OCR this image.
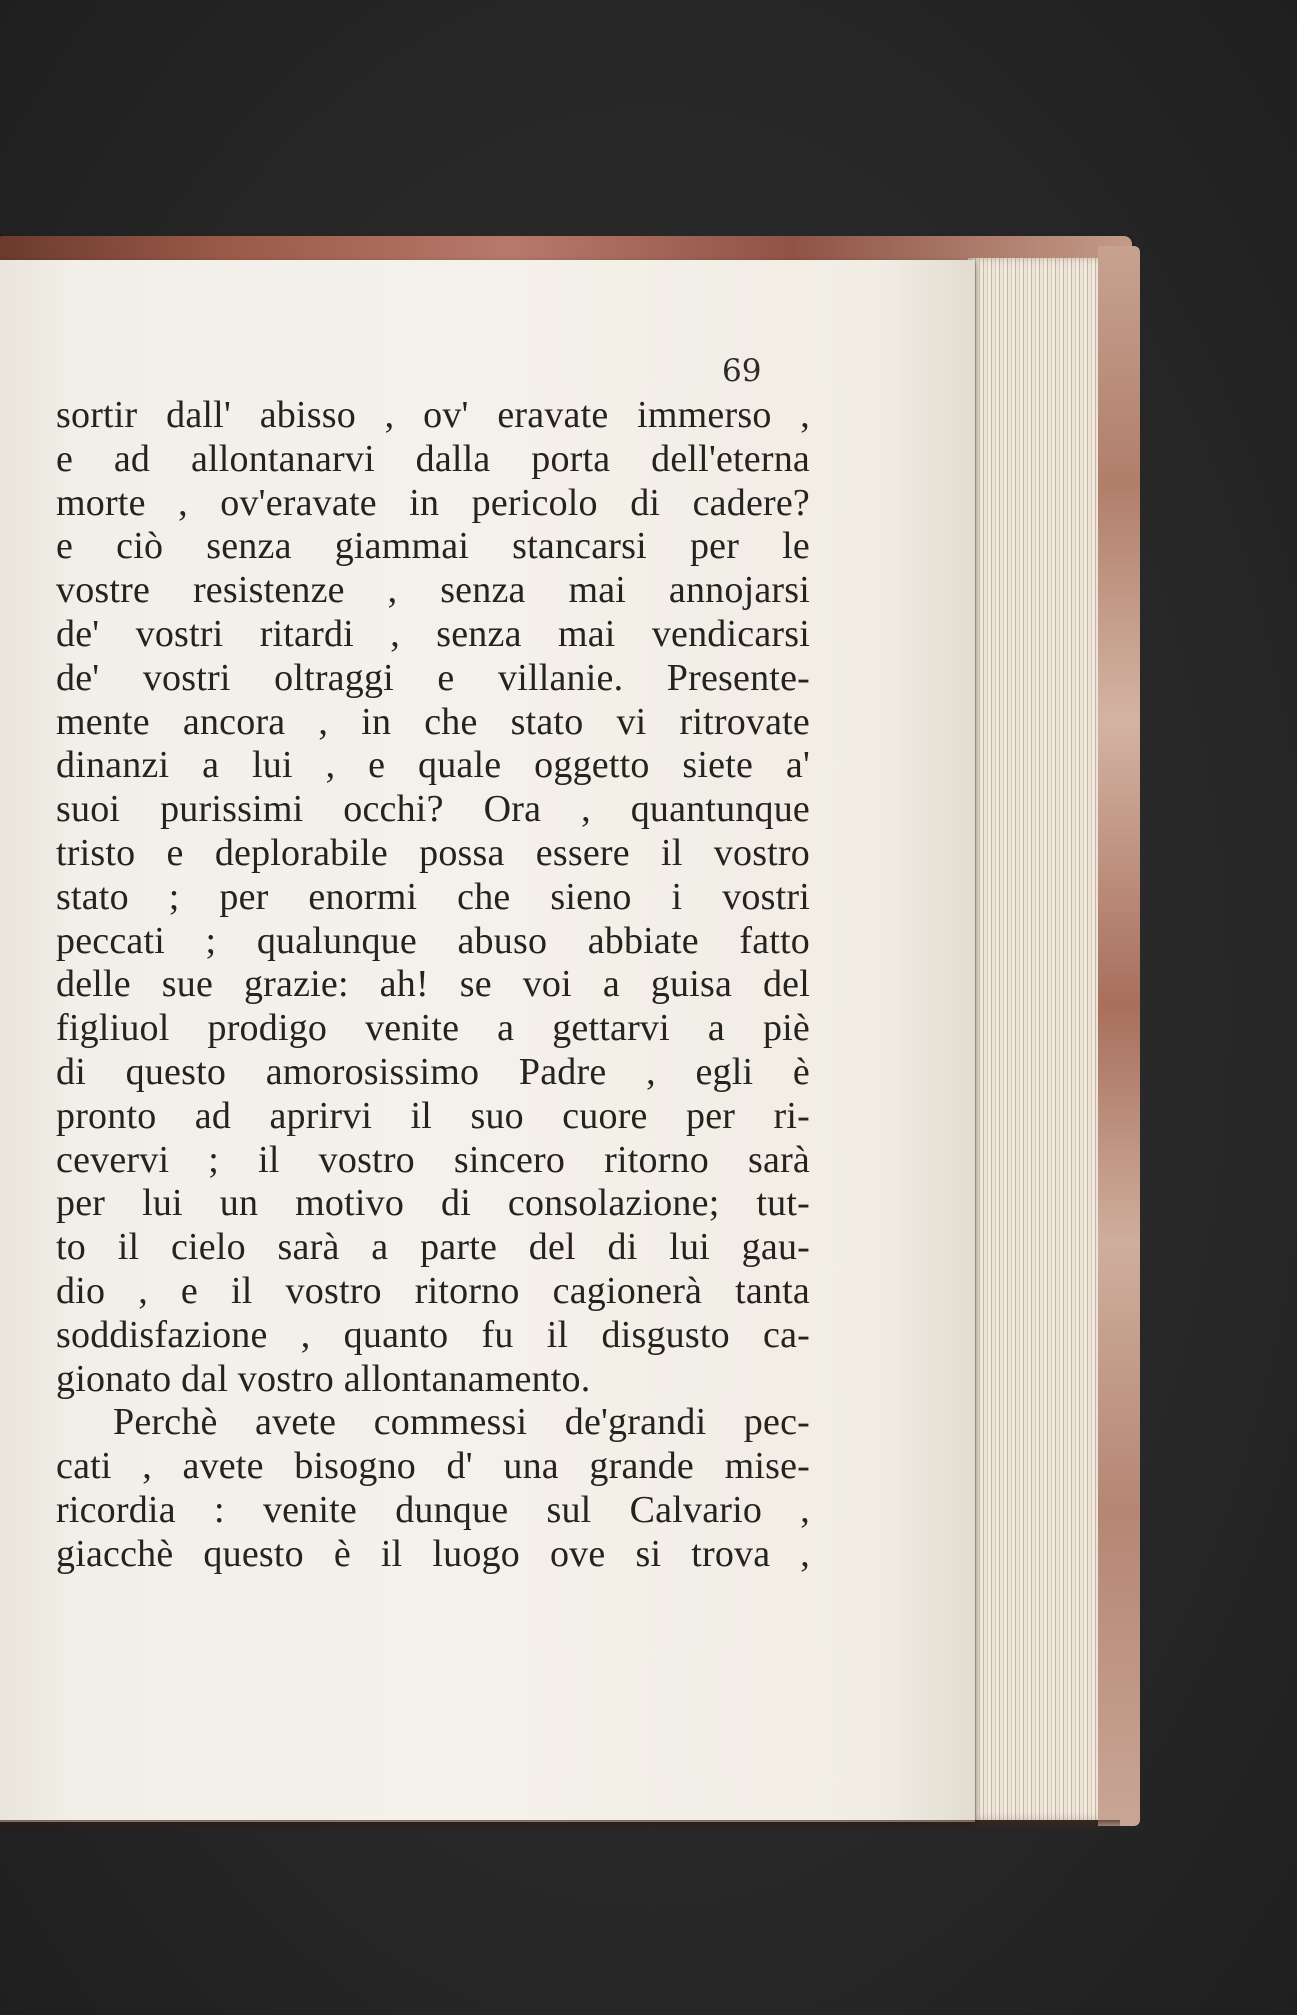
69
sortir dall' abisso , ov' eravate immerso ,
e ad allontanarvi dalla porta dell'eterna
morte , ov'eravate in pericolo di cadere?
e ciò senza giammai stancarsi per le
vostre resistenze , senza mai annojarsi
de' vostri ritardi , senza mai vendicarsi
de' vostri oltraggi e villanie. Presente-
mente ancora , in che stato vi ritrovate
dinanzi a lui , e quale oggetto siete a'
suoi purissimi occhi? Ora , quantunque
tristo e deplorabile possa essere il vostro
stato ; per enormi che sieno i vostri
peccati ; qualunque abuso abbiate fatto
delle sue grazie: ah! se voi a guisa del
figliuol prodigo venite a gettarvi a piè
di questo amorosissimo Padre , egli è
pronto ad aprirvi il suo cuore per ri-
cevervi ; il vostro sincero ritorno sarà
per lui un motivo di consolazione; tut-
to il cielo sarà a parte del di lui gau-
dio , e il vostro ritorno cagionerà tanta
soddisfazione , quanto fu il disgusto ca-
gionato dal vostro allontanamento.
Perchè avete commessi de'grandi pec-
cati , avete bisogno d' una grande mise-
ricordia : venite dunque sul Calvario ,
giacchè questo è il luogo ove si trova ,
